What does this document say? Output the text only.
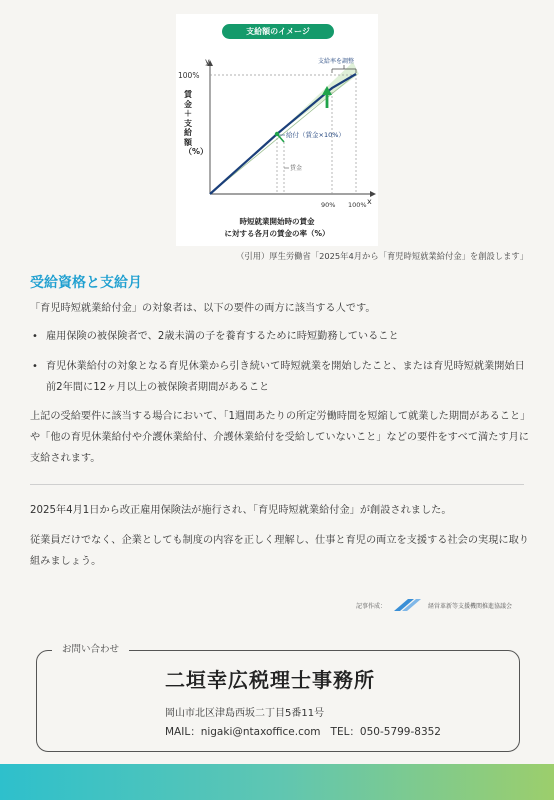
支給額のイメージ
y
x
100%
90% 100%
支給率を調整
給付（賃金×10%）
賃金
時短就業開始時の賃金
に対する各月の賃金の率（%）
賃金＋支給額（%）
（引用）厚生労働省「2025年4月から「育児時短就業給付金」を創設します」
受給資格と支給月
「育児時短就業給付金」の対象者は、以下の要件の両方に該当する人です。
• 雇用保険の被保険者で、2歳未満の子を養育するために時短勤務していること
• 育児休業給付の対象となる育児休業から引き続いて時短就業を開始したこと、または育児時短就業開始日前2年間に12ヶ月以上の被保険者期間があること
上記の受給要件に該当する場合において、「1週間あたりの所定労働時間を短縮して就業した期間があること」や「他の育児休業給付や介護休業給付、介護休業給付を受給していないこと」などの要件をすべて満たす月に支給されます。
2025年4月1日から改正雇用保険法が施行され、「育児時短就業給付金」が創設されました。
従業員だけでなく、企業としても制度の内容を正しく理解し、仕事と育児の両立を支援する社会の実現に取り組みましょう。
記事作成：	経営革新等支援機関推進協議会
お問い合わせ
二垣幸広税理士事務所
岡山市北区津島西坂二丁目5番11号
MAIL：nigaki@ntaxoffice.com TEL：050-5799-8352
